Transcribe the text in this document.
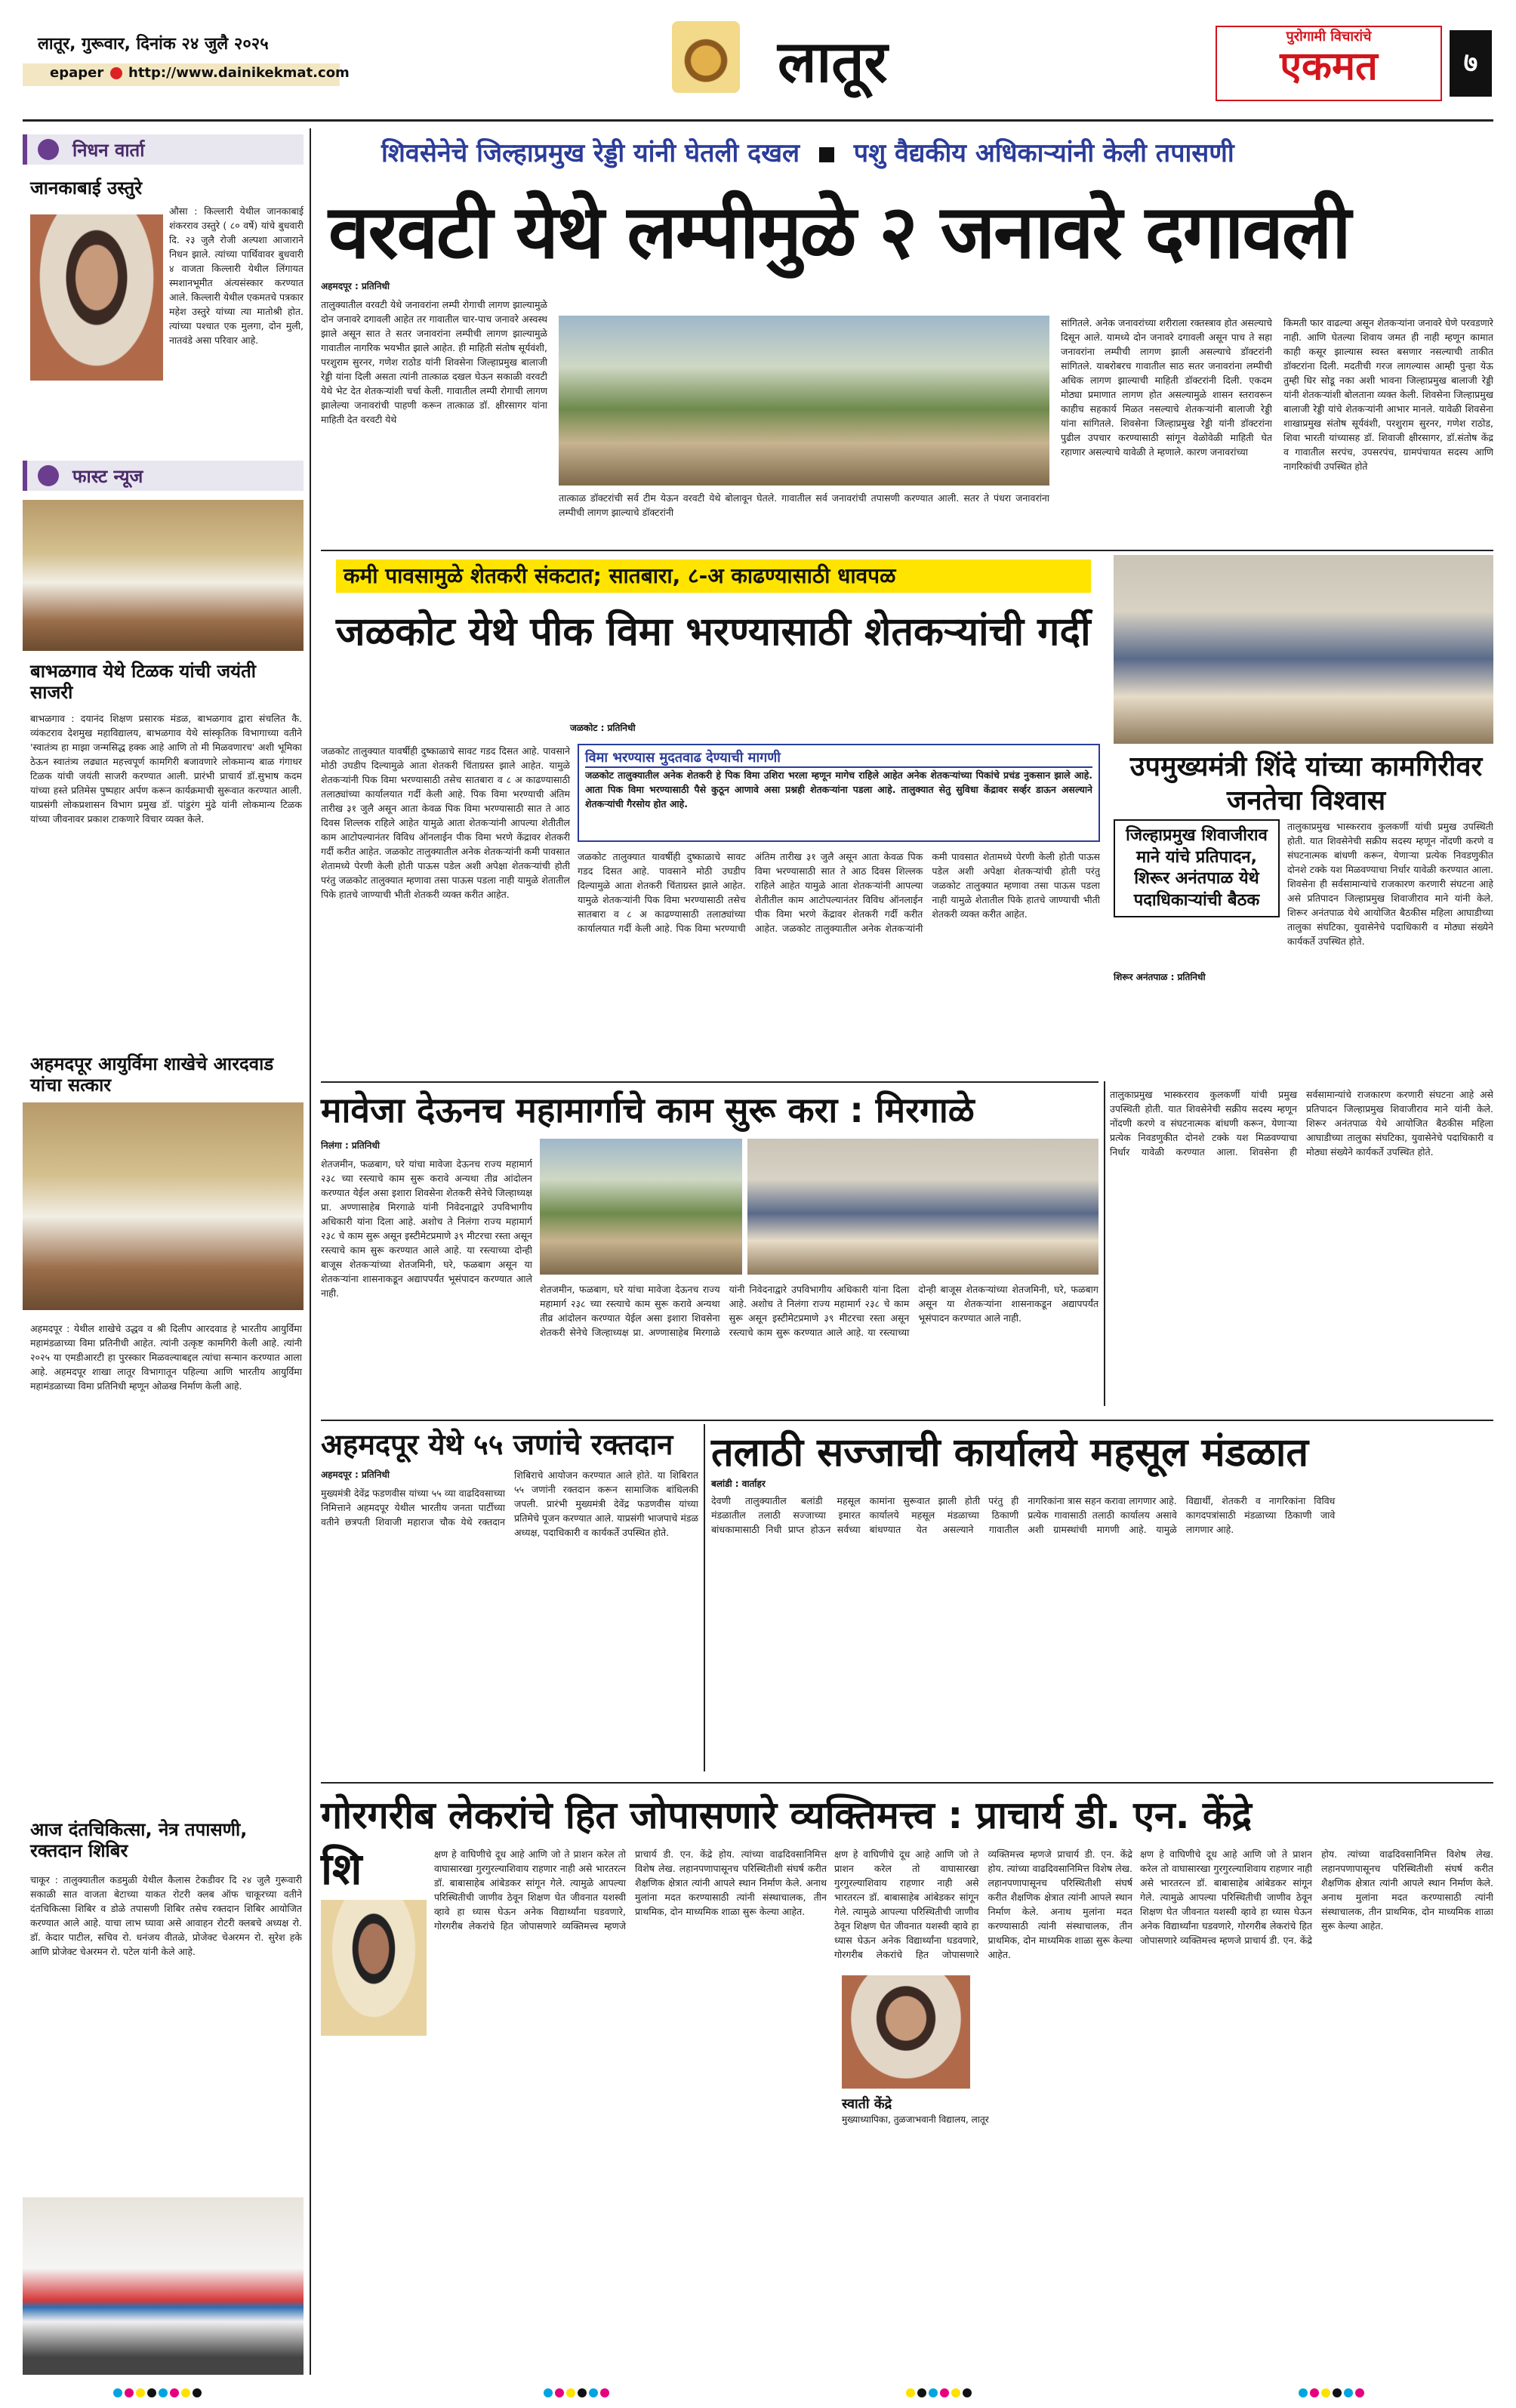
लातूर, गुरूवार, दिनांक २४ जुलै २०२५
epaper http://www.dainikekmat.com	लातूर	पुरोगामी विचारांचे
एकमत	७
निधन वार्ता
जानकाबाई उस्तुरे
औसा : किल्लारी येथील जानकाबाई शंकरराव उस्तुरे ( ८० वर्षे) यांचे बुधवारी दि. २३ जुलै रोजी अल्पशा आजाराने निधन झाले. त्यांच्या पार्थिवावर बुधवारी ४ वाजता किल्लारी येथील लिंगायत स्मशानभूमीत अंत्यसंस्कार करण्यात आले. किल्लारी येथील एकमतचे पत्रकार महेश उस्तुरे यांच्या त्या मातोश्री होत. त्यांच्या पश्चात एक मुलगा, दोन मुली, नातवंडे असा परिवार आहे.
फास्ट न्यूज
बाभळगाव येथे टिळक यांची जयंती साजरी
बाभळगाव : दयानंद शिक्षण प्रसारक मंडळ, बाभळगाव द्वारा संचलित कै. व्यंकटराव देशमुख महाविद्यालय, बाभळगाव येथे सांस्कृतिक विभागाच्या वतीने 'स्वातंत्र्य हा माझा जन्मसिद्ध हक्क आहे आणि तो मी मिळवणारच' अशी भूमिका ठेऊन स्वातंत्र्य लढ्यात महत्त्वपूर्ण कामगिरी बजावणारे लोकमान्य बाळ गंगाधर टिळक यांची जयंती साजरी करण्यात आली. प्रारंभी प्राचार्य डॉ.सुभाष कदम यांच्या हस्ते प्रतिमेस पुष्पहार अर्पण करून कार्यक्रमाची सुरूवात करण्यात आली. याप्रसंगी लोकप्रशासन विभाग प्रमुख डॉ. पांडुरंग मुंढे यांनी लोकमान्य टिळक यांच्या जीवनावर प्रकाश टाकणारे विचार व्यक्त केले.
अहमदपूर आयुर्विमा शाखेचे आरदवाड यांचा सत्कार
अहमदपूर : येथील शाखेचे उद्धव व श्री दिलीप आरदवाड हे भारतीय आयुर्विमा महामंडळाच्या विमा प्रतिनीधी आहेत. त्यांनी उत्कृष्ट कामगिरी केली आहे. त्यांनी २०२५ या एमडीआरटी हा पुरस्कार मिळवल्याबद्दल त्यांचा सन्मान करण्यात आला आहे. अहमदपूर शाखा लातूर विभागातून पहिल्या आणि भारतीय आयुर्विमा महामंडळाच्या विमा प्रतिनिधी म्हणून ओळख निर्माण केली आहे.
आज दंतचिकित्सा, नेत्र तपासणी, रक्तदान शिबिर
चाकूर : तालुक्यातील कडमुळी येथील कैलास टेकडीवर दि २४ जुलै गुरूवारी सकाळी सात वाजता बेटाच्या याकत रोटरी क्लब ऑफ चाकूरच्या वतीने दंतचिकित्सा शिबिर व डोळे तपासणी शिबिर तसेच रक्तदान शिबिर आयोजित करण्यात आले आहे. याचा लाभ घ्यावा असे आवाहन रोटरी क्लबचे अध्यक्ष रो. डॉ. केदार पाटील, सचिव रो. धनंजय वीतळे, प्रोजेक्ट चेअरमन रो. सुरेश हके आणि प्रोजेक्ट चेअरमन रो. पटेल यांनी केले आहे.
शिवसेनेचे जिल्हाप्रमुख रेड्डी यांनी घेतली दखल पशु वैद्यकीय अधिकाऱ्यांनी केली तपासणी
वरवटी येथे लम्पीमुळे २ जनावरे दगावली
अहमदपूर : प्रतिनिधी
तालुक्यातील वरवटी येथे जनावरांना लम्पी रोगाची लागण झाल्यामुळे दोन जनावरे दगावली आहेत तर गावातील चार-पाच जनावरे अस्वस्थ झाले असून सात ते सतर जनावरांना लम्पीची लागण झाल्यामुळे गावातील नागरिक भयभीत झाले आहेत. ही माहिती संतोष सूर्यवंशी, परशुराम सुरनर, गणेश राठोड यांनी शिवसेना जिल्हाप्रमुख बालाजी रेड्डी यांना दिली असता त्यांनी तात्काळ दखल घेऊन सकाळी वरवटी येथे भेट देत शेतकऱ्यांशी चर्चा केली. गावातील लम्पी रोगाची लागण झालेल्या जनावरांची पाहणी करून तात्काळ डॉ. क्षीरसागर यांना माहिती देत वरवटी येथे
तात्काळ डॉक्टरांची सर्व टीम येऊन वरवटी येथे बोलावून घेतले. गावातील सर्व जनावरांची तपासणी करण्यात आली. सतर ते पंधरा जनावरांना लम्पीची लागण झाल्याचे डॉक्टरांनी
सांगितले. अनेक जनावरांच्या शरीराला रक्तस्त्राव होत असल्याचे दिसून आले. यामध्ये दोन जनावरे दगावली असून पाच ते सहा जनावरांना लम्पीची लागण झाली असल्याचे डॉक्टरांनी सांगितले. याबरोबरच गावातील साठ सतर जनावरांना लम्पीची अधिक लागण झाल्याची माहिती डॉक्टरांनी दिली. एकदम मोठ्या प्रमाणात लागण होत असल्यामुळे शासन स्तरावरून काहीच सहकार्य मिळत नसल्याचे शेतकऱ्यांनी बालाजी रेड्डी यांना सांगितले. शिवसेना जिल्हाप्रमुख रेड्डी यांनी डॉक्टरांना पुढील उपचार करण्यासाठी सांगून वेळोवेळी माहिती घेत रहाणार असल्याचे यावेळी ते म्हणाले. कारण जनावरांच्या
किमती फार वाढल्या असून शेतकऱ्यांना जनावरे घेणे परवडणारे नाही. आणि घेतल्या शिवाय जमत ही नाही म्हणून कामात काही कसूर झाल्यास स्वस्त बसणार नसल्याची ताकीत डॉक्टरांना दिली. मदतीची गरज लागल्यास आम्ही पुन्हा येऊ तुम्ही धिर सोडू नका अशी भावना जिल्हाप्रमुख बालाजी रेड्डी यांनी शेतकऱ्यांशी बोलताना व्यक्त केली. शिवसेना जिल्हाप्रमुख बालाजी रेड्डी यांचे शेतकऱ्यांनी आभार मानले. यावेळी शिवसेना शाखाप्रमुख संतोष सूर्यवंशी, परशुराम सुरनर, गणेश राठोड, शिवा भारती यांच्यासह डॉ. शिवाजी क्षीरसागर, डॉ.संतोष केंद्र व गावातील सरपंच, उपसरपंच, ग्रामपंचायत सदस्य आणि नागरिकांची उपस्थित होते
कमी पावसामुळे शेतकरी संकटात; सातबारा, ८-अ काढण्यासाठी धावपळ
जळकोट येथे पीक विमा भरण्यासाठी शेतकऱ्यांची गर्दी
जळकोट : प्रतिनिधी
विमा भरण्यास मुदतवाढ देण्याची मागणी
जळकोट तालुक्यातील अनेक शेतकरी हे पिक विमा उशिरा भरला म्हणून मागेच राहिले आहेत अनेक शेतकऱ्यांच्या पिकांचे प्रचंड नुकसान झाले आहे. आता पिक विमा भरण्यासाठी पैसे कुठून आणावे असा प्रश्नही शेतकऱ्यांना पडला आहे. तालुक्यात सेतु सुविधा केंद्रावर सर्व्हर डाऊन असल्याने शेतकऱ्यांची गैरसोय होत आहे.
जळकोट तालुक्यात यावर्षीही दुष्काळाचे सावट गडद दिसत आहे. पावसाने मोठी उघडीप दिल्यामुळे आता शेतकरी चिंताग्रस्त झाले आहेत. यामुळे शेतकऱ्यांनी पिक विमा भरण्यासाठी तसेच सातबारा व ८ अ काढण्यासाठी तलाठ्यांच्या कार्यालयात गर्दी केली आहे. पिक विमा भरण्याची अंतिम तारीख ३१ जुलै असून आता केवळ पिक विमा भरण्यासाठी सात ते आठ दिवस शिल्लक राहिले आहेत यामुळे आता शेतकऱ्यांनी आपल्या शेतीतील काम आटोपल्यानंतर विविध ऑनलाईन पीक विमा भरणे केंद्रावर शेतकरी गर्दी करीत आहेत. जळकोट तालुक्यातील अनेक शेतकऱ्यांनी कमी पावसात शेतामध्ये पेरणी केली होती पाऊस पडेल अशी अपेक्षा शेतकऱ्यांची होती परंतु जळकोट तालुक्यात म्हणावा तसा पाऊस पडला नाही यामुळे शेतातील पिके हातचे जाण्याची भीती शेतकरी व्यक्त करीत आहेत.
जळकोट तालुक्यात यावर्षीही दुष्काळाचे सावट गडद दिसत आहे. पावसाने मोठी उघडीप दिल्यामुळे आता शेतकरी चिंताग्रस्त झाले आहेत. यामुळे शेतकऱ्यांनी पिक विमा भरण्यासाठी तसेच सातबारा व ८ अ काढण्यासाठी तलाठ्यांच्या कार्यालयात गर्दी केली आहे. पिक विमा भरण्याची अंतिम तारीख ३१ जुलै असून आता केवळ पिक विमा भरण्यासाठी सात ते आठ दिवस शिल्लक राहिले आहेत यामुळे आता शेतकऱ्यांनी आपल्या शेतीतील काम आटोपल्यानंतर विविध ऑनलाईन पीक विमा भरणे केंद्रावर शेतकरी गर्दी करीत आहेत. जळकोट तालुक्यातील अनेक शेतकऱ्यांनी कमी पावसात शेतामध्ये पेरणी केली होती पाऊस पडेल अशी अपेक्षा शेतकऱ्यांची होती परंतु जळकोट तालुक्यात म्हणावा तसा पाऊस पडला नाही यामुळे शेतातील पिके हातचे जाण्याची भीती शेतकरी व्यक्त करीत आहेत.
उपमुख्यमंत्री शिंदे यांच्या कामगिरीवर जनतेचा विश्वास
जिल्हाप्रमुख शिवाजीराव माने यांचे प्रतिपादन, शिरूर अनंतपाळ येथे पदाधिकाऱ्यांची बैठक
शिरूर अनंतपाळ : प्रतिनिधी
तालुकाप्रमुख भास्करराव कुलकर्णी यांची प्रमुख उपस्थिती होती. यात शिवसेनेची सक्रीय सदस्य म्हणून नोंदणी करणे व संघटनात्मक बांधणी करून, येणाऱ्या प्रत्येक निवडणुकीत दोनशे टक्के यश मिळवण्याचा निर्धार यावेळी करण्यात आला. शिवसेना ही सर्वसामान्यांचे राजकारण करणारी संघटना आहे असे प्रतिपादन जिल्हाप्रमुख शिवाजीराव माने यांनी केले. शिरूर अनंतपाळ येथे आयोजित बैठकीस महिला आघाडीच्या तालुका संघटिका, युवासेनेचे पदाधिकारी व मोठ्या संख्येने कार्यकर्ते उपस्थित होते.
मावेजा देऊनच महामार्गाचे काम सुरू करा : मिरगाळे
निलंगा : प्रतिनिधी
शेतजमीन, फळबाग, घरे यांचा मावेजा देऊनच राज्य महामार्ग २३८ च्या रस्त्याचे काम सुरू करावे अन्यथा तीव्र आंदोलन करण्यात येईल असा इशारा शिवसेना शेतकरी सेनेचे जिल्हाध्यक्ष प्रा. अण्णासाहेब मिरगाळे यांनी निवेदनाद्वारे उपविभागीय अधिकारी यांना दिला आहे. अशोच ते निलंगा राज्य महामार्ग २३८ चे काम सुरू असून इस्टीमेटप्रमाणे ३९ मीटरचा रस्ता असून रस्त्याचे काम सुरू करण्यात आले आहे. या रस्त्याच्या दोन्ही बाजूस शेतकऱ्यांच्या शेतजमिनी, घरे, फळबाग असून या शेतकऱ्यांना शासनाकडून अद्यापपर्यंत भूसंपादन करण्यात आले नाही.	शेतजमीन, फळबाग, घरे यांचा मावेजा देऊनच राज्य महामार्ग २३८ च्या रस्त्याचे काम सुरू करावे अन्यथा तीव्र आंदोलन करण्यात येईल असा इशारा शिवसेना शेतकरी सेनेचे जिल्हाध्यक्ष प्रा. अण्णासाहेब मिरगाळे यांनी निवेदनाद्वारे उपविभागीय अधिकारी यांना दिला आहे. अशोच ते निलंगा राज्य महामार्ग २३८ चे काम सुरू असून इस्टीमेटप्रमाणे ३९ मीटरचा रस्ता असून रस्त्याचे काम सुरू करण्यात आले आहे. या रस्त्याच्या दोन्ही बाजूस शेतकऱ्यांच्या शेतजमिनी, घरे, फळबाग असून या शेतकऱ्यांना शासनाकडून अद्यापपर्यंत भूसंपादन करण्यात आले नाही.
तालुकाप्रमुख भास्करराव कुलकर्णी यांची प्रमुख उपस्थिती होती. यात शिवसेनेची सक्रीय सदस्य म्हणून नोंदणी करणे व संघटनात्मक बांधणी करून, येणाऱ्या प्रत्येक निवडणुकीत दोनशे टक्के यश मिळवण्याचा निर्धार यावेळी करण्यात आला. शिवसेना ही सर्वसामान्यांचे राजकारण करणारी संघटना आहे असे प्रतिपादन जिल्हाप्रमुख शिवाजीराव माने यांनी केले. शिरूर अनंतपाळ येथे आयोजित बैठकीस महिला आघाडीच्या तालुका संघटिका, युवासेनेचे पदाधिकारी व मोठ्या संख्येने कार्यकर्ते उपस्थित होते.
अहमदपूर येथे ५५ जणांचे रक्तदान
अहमदपूर : प्रतिनिधी
मुख्यमंत्री देवेंद्र फडणवीस यांच्या ५५ व्या वाढदिवसाच्या निमित्ताने अहमदपूर येथील भारतीय जनता पार्टीच्या वतीने छत्रपती शिवाजी महाराज चौक येथे रक्तदान शिबिराचे आयोजन करण्यात आले होते. या शिबिरात ५५ जणांनी रक्तदान करून सामाजिक बांधिलकी जपली. प्रारंभी मुख्यमंत्री देवेंद्र फडणवीस यांच्या प्रतिमेचे पूजन करण्यात आले. याप्रसंगी भाजपाचे मंडळ अध्यक्ष, पदाधिकारी व कार्यकर्ते उपस्थित होते.
तलाठी सज्जाची कार्यालये महसूल मंडळात
बलांडी : वार्ताहर
देवणी तालुक्यातील बलांडी महसूल मंडळातील तलाठी सज्जाच्या इमारत बांधकामासाठी निधी प्राप्त होऊन सर्वच्या कामांना सुरूवात झाली होती परंतु ही कार्यालये महसूल मंडळाच्या ठिकाणी बांधण्यात येत असल्याने गावातील नागरिकांना त्रास सहन करावा लागणार आहे. प्रत्येक गावासाठी तलाठी कार्यालय असावे अशी ग्रामस्थांची मागणी आहे. यामुळे विद्यार्थी, शेतकरी व नागरिकांना विविध कागदपत्रांसाठी मंडळाच्या ठिकाणी जावे लागणार आहे.
गोरगरीब लेकरांचे हित जोपासणारे व्यक्तिमत्त्व : प्राचार्य डी. एन. केंद्रे
शि	क्षण हे वाघिणीचे दूध आहे आणि जो ते प्राशन करेल तो वाघासारखा गुरगुरल्याशिवाय राहणार नाही असे भारतरत्न डॉ. बाबासाहेब आंबेडकर सांगून गेले. त्यामुळे आपल्या परिस्थितीची जाणीव ठेवून शिक्षण घेत जीवनात यशस्वी व्हावे हा ध्यास घेऊन अनेक विद्यार्थ्यांना घडवणारे, गोरगरीब लेकरांचे हित जोपासणारे व्यक्तिमत्त्व म्हणजे प्राचार्य डी. एन. केंद्रे होय. त्यांच्या वाढदिवसानिमित्त विशेष लेख. लहानपणापासूनच परिस्थितीशी संघर्ष करीत शैक्षणिक क्षेत्रात त्यांनी आपले स्थान निर्माण केले. अनाथ मुलांना मदत करण्यासाठी त्यांनी संस्थाचालक, तीन प्राथमिक, दोन माध्यमिक शाळा सुरू केल्या आहेत.
क्षण हे वाघिणीचे दूध आहे आणि जो ते प्राशन करेल तो वाघासारखा गुरगुरल्याशिवाय राहणार नाही असे भारतरत्न डॉ. बाबासाहेब आंबेडकर सांगून गेले. त्यामुळे आपल्या परिस्थितीची जाणीव ठेवून शिक्षण घेत जीवनात यशस्वी व्हावे हा ध्यास घेऊन अनेक विद्यार्थ्यांना घडवणारे, गोरगरीब लेकरांचे हित जोपासणारे व्यक्तिमत्त्व म्हणजे प्राचार्य डी. एन. केंद्रे होय. त्यांच्या वाढदिवसानिमित्त विशेष लेख. लहानपणापासूनच परिस्थितीशी संघर्ष करीत शैक्षणिक क्षेत्रात त्यांनी आपले स्थान निर्माण केले. अनाथ मुलांना मदत करण्यासाठी त्यांनी संस्थाचालक, तीन प्राथमिक, दोन माध्यमिक शाळा सुरू केल्या आहेत.
स्वाती केंद्रे
मुख्याध्यापिका, तुळजाभवानी विद्यालय, लातूर
क्षण हे वाघिणीचे दूध आहे आणि जो ते प्राशन करेल तो वाघासारखा गुरगुरल्याशिवाय राहणार नाही असे भारतरत्न डॉ. बाबासाहेब आंबेडकर सांगून गेले. त्यामुळे आपल्या परिस्थितीची जाणीव ठेवून शिक्षण घेत जीवनात यशस्वी व्हावे हा ध्यास घेऊन अनेक विद्यार्थ्यांना घडवणारे, गोरगरीब लेकरांचे हित जोपासणारे व्यक्तिमत्त्व म्हणजे प्राचार्य डी. एन. केंद्रे होय. त्यांच्या वाढदिवसानिमित्त विशेष लेख. लहानपणापासूनच परिस्थितीशी संघर्ष करीत शैक्षणिक क्षेत्रात त्यांनी आपले स्थान निर्माण केले. अनाथ मुलांना मदत करण्यासाठी त्यांनी संस्थाचालक, तीन प्राथमिक, दोन माध्यमिक शाळा सुरू केल्या आहेत.
